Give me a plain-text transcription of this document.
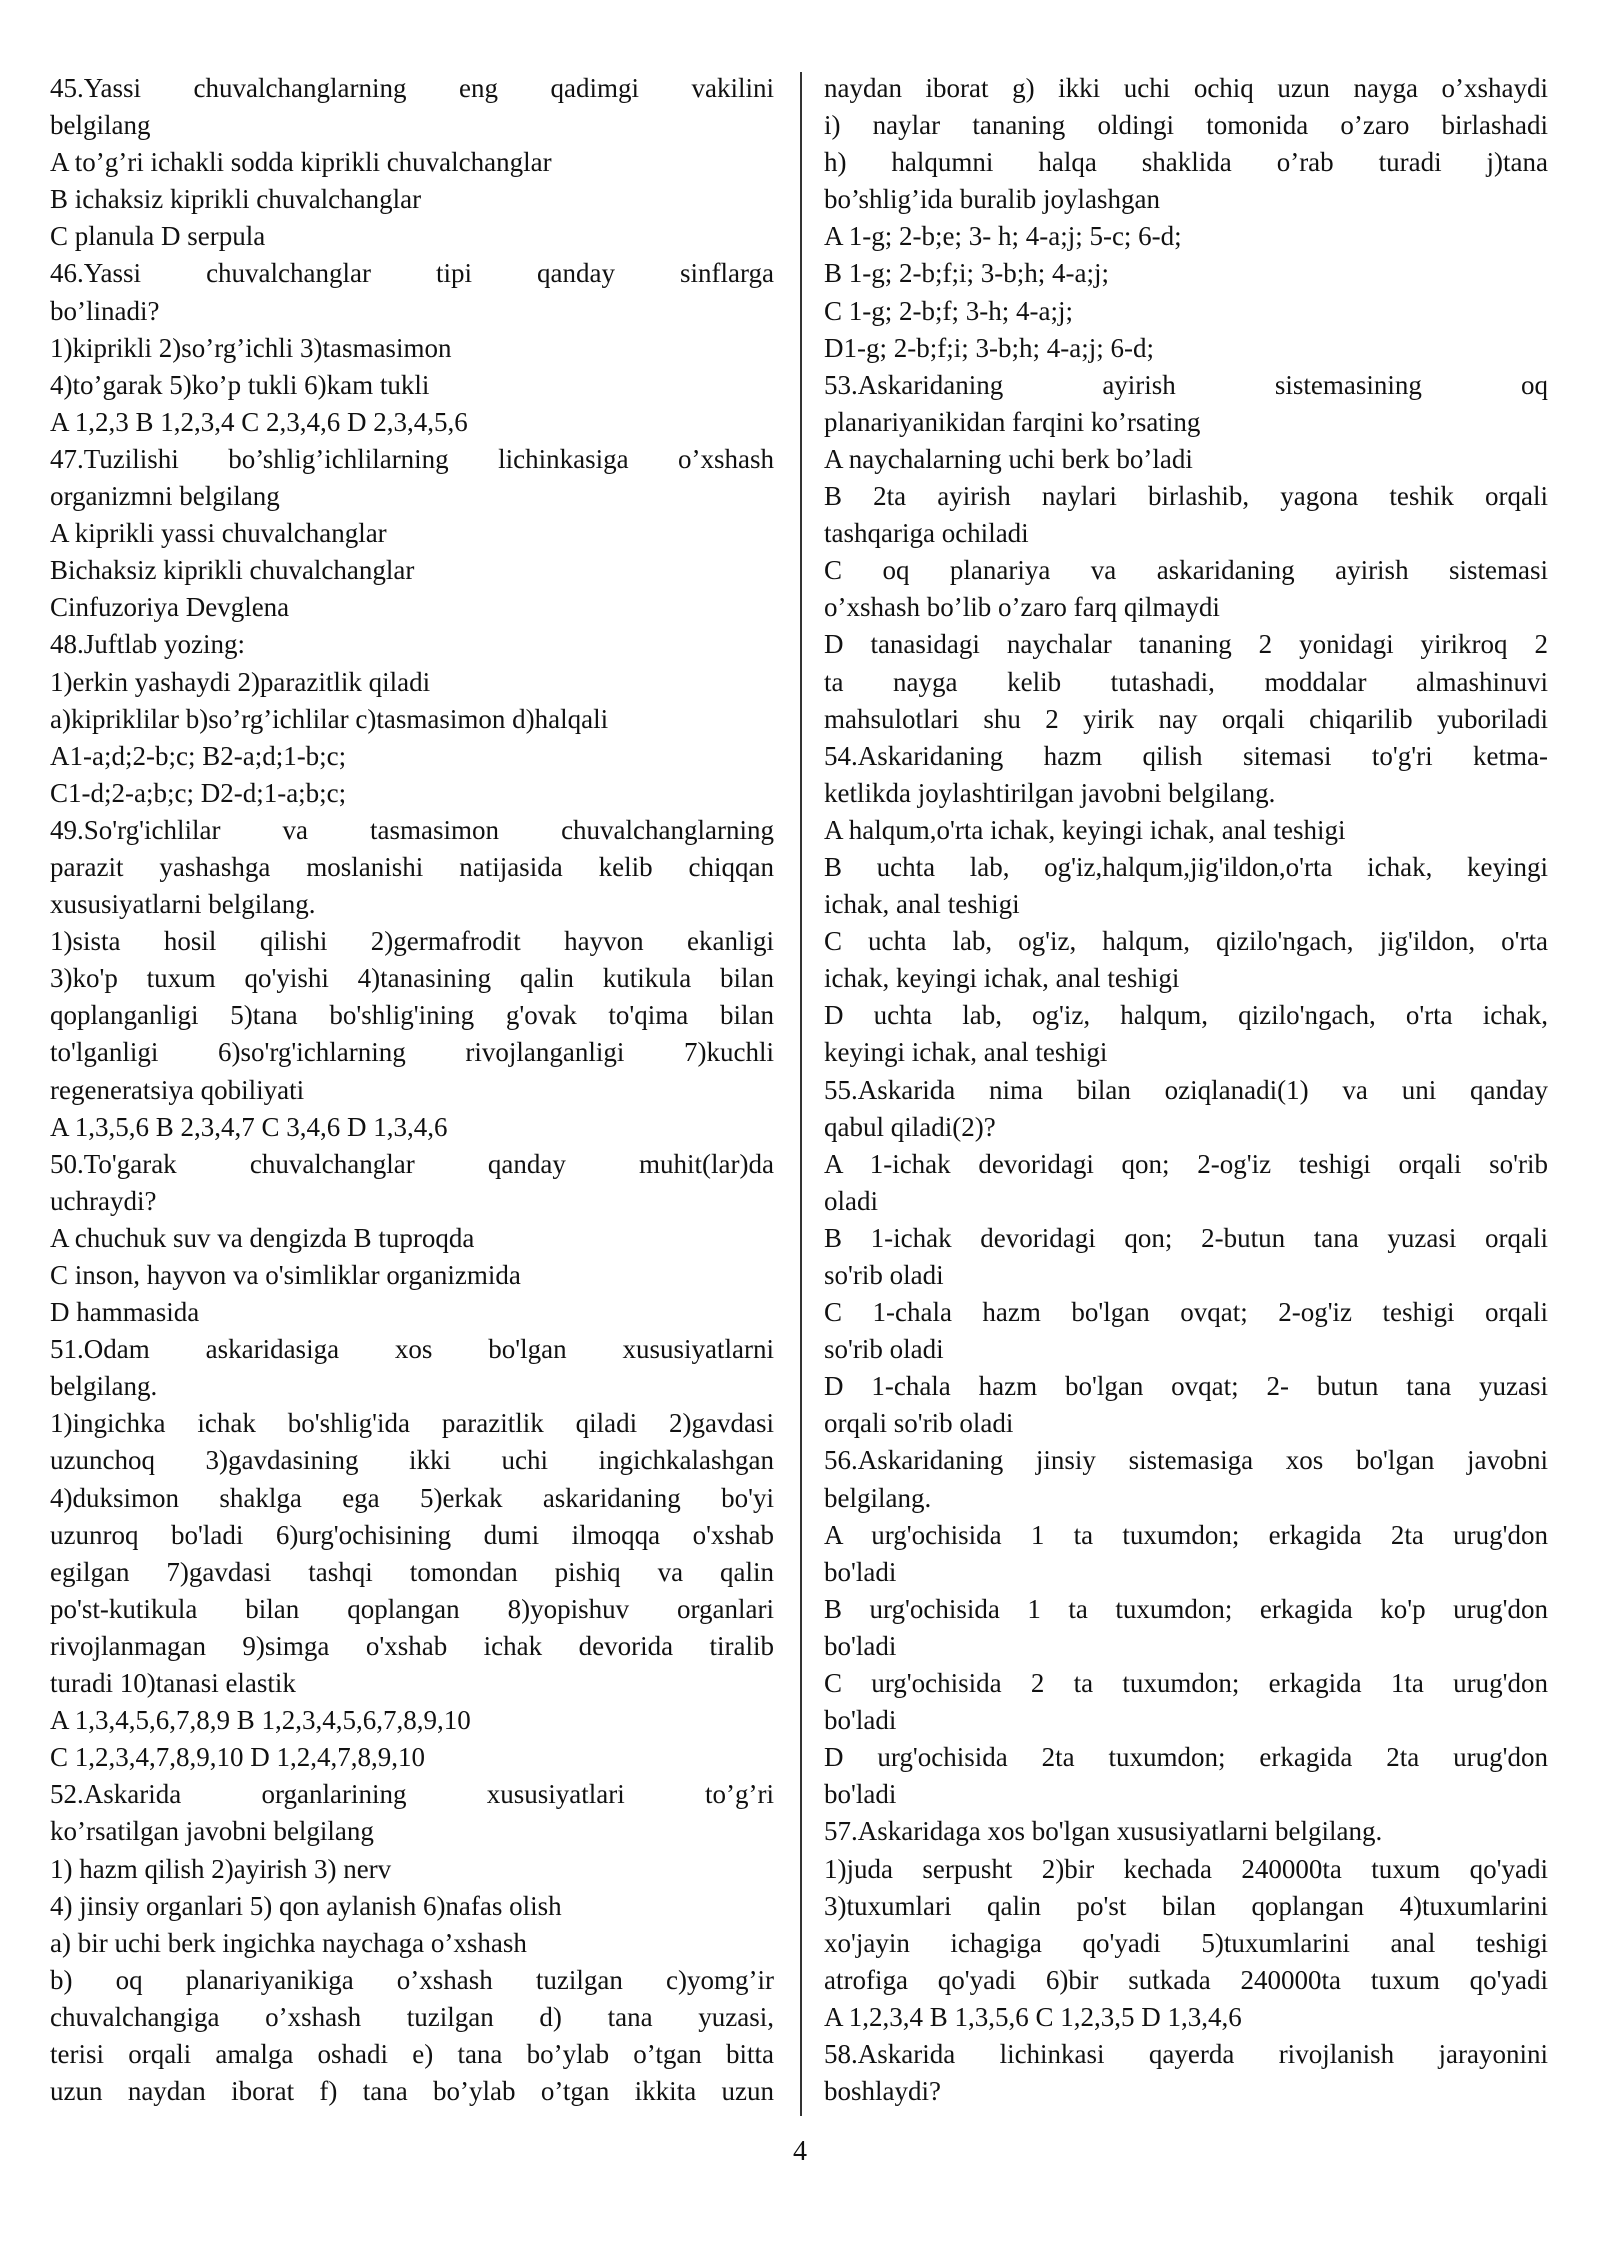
45.Yassi chuvalchanglarning eng qadimgi vakilini
belgilang
A to’g’ri ichakli sodda kiprikli chuvalchanglar
B ichaksiz kiprikli chuvalchanglar
C planula D serpula
46.Yassi chuvalchanglar tipi qanday sinflarga
bo’linadi?
1)kiprikli 2)so’rg’ichli 3)tasmasimon
4)to’garak 5)ko’p tukli 6)kam tukli
A 1,2,3 B 1,2,3,4 C 2,3,4,6 D 2,3,4,5,6
47.Tuzilishi bo’shlig’ichlilarning lichinkasiga o’xshash
organizmni belgilang
A kiprikli yassi chuvalchanglar
Bichaksiz kiprikli chuvalchanglar
Cinfuzoriya Devglena
48.Juftlab yozing:
1)erkin yashaydi 2)parazitlik qiladi
a)kipriklilar b)so’rg’ichlilar c)tasmasimon d)halqali
A1-a;d;2-b;c; B2-a;d;1-b;c;
C1-d;2-a;b;c; D2-d;1-a;b;c;
49.So'rg'ichlilar va tasmasimon chuvalchanglarning
parazit yashashga moslanishi natijasida kelib chiqqan
xususiyatlarni belgilang.
1)sista hosil qilishi 2)germafrodit hayvon ekanligi
3)ko'p tuxum qo'yishi 4)tanasining qalin kutikula bilan
qoplanganligi 5)tana bo'shlig'ining g'ovak to'qima bilan
to'lganligi 6)so'rg'ichlarning rivojlanganligi 7)kuchli
regeneratsiya qobiliyati
A 1,3,5,6 B 2,3,4,7 C 3,4,6 D 1,3,4,6
50.To'garak chuvalchanglar qanday muhit(lar)da
uchraydi?
A chuchuk suv va dengizda B tuproqda
C inson, hayvon va o'simliklar organizmida
D hammasida
51.Odam askaridasiga xos bo'lgan xususiyatlarni
belgilang.
1)ingichka ichak bo'shlig'ida parazitlik qiladi 2)gavdasi
uzunchoq 3)gavdasining ikki uchi ingichkalashgan
4)duksimon shaklga ega 5)erkak askaridaning bo'yi
uzunroq bo'ladi 6)urg'ochisining dumi ilmoqqa o'xshab
egilgan 7)gavdasi tashqi tomondan pishiq va qalin
po'st-kutikula bilan qoplangan 8)yopishuv organlari
rivojlanmagan 9)simga o'xshab ichak devorida tiralib
turadi 10)tanasi elastik
A 1,3,4,5,6,7,8,9 B 1,2,3,4,5,6,7,8,9,10
C 1,2,3,4,7,8,9,10 D 1,2,4,7,8,9,10
52.Askarida organlarining xususiyatlari to’g’ri
ko’rsatilgan javobni belgilang
1) hazm qilish 2)ayirish 3) nerv
4) jinsiy organlari 5) qon aylanish 6)nafas olish
a) bir uchi berk ingichka naychaga o’xshash
b) oq planariyanikiga o’xshash tuzilgan c)yomg’ir
chuvalchangiga o’xshash tuzilgan d) tana yuzasi,
terisi orqali amalga oshadi e) tana bo’ylab o’tgan bitta
uzun naydan iborat f) tana bo’ylab o’tgan ikkita uzun
naydan iborat g) ikki uchi ochiq uzun nayga o’xshaydi
i) naylar tananing oldingi tomonida o’zaro birlashadi
h) halqumni halqa shaklida o’rab turadi j)tana
bo’shlig’ida buralib joylashgan
A 1-g; 2-b;e; 3- h; 4-a;j; 5-c; 6-d;
B 1-g; 2-b;f;i; 3-b;h; 4-a;j;
C 1-g; 2-b;f; 3-h; 4-a;j;
D1-g; 2-b;f;i; 3-b;h; 4-a;j; 6-d;
53.Askaridaning ayirish sistemasining oq
planariyanikidan farqini ko’rsating
A naychalarning uchi berk bo’ladi
B 2ta ayirish naylari birlashib, yagona teshik orqali
tashqariga ochiladi
C oq planariya va askaridaning ayirish sistemasi
o’xshash bo’lib o’zaro farq qilmaydi
D tanasidagi naychalar tananing 2 yonidagi yirikroq 2
ta nayga kelib tutashadi, moddalar almashinuvi
mahsulotlari shu 2 yirik nay orqali chiqarilib yuboriladi
54.Askaridaning hazm qilish sitemasi to'g'ri ketma-
ketlikda joylashtirilgan javobni belgilang.
A halqum,o'rta ichak, keyingi ichak, anal teshigi
B uchta lab, og'iz,halqum,jig'ildon,o'rta ichak, keyingi
ichak, anal teshigi
C uchta lab, og'iz, halqum, qizilo'ngach, jig'ildon, o'rta
ichak, keyingi ichak, anal teshigi
D uchta lab, og'iz, halqum, qizilo'ngach, o'rta ichak,
keyingi ichak, anal teshigi
55.Askarida nima bilan oziqlanadi(1) va uni qanday
qabul qiladi(2)?
A 1-ichak devoridagi qon; 2-og'iz teshigi orqali so'rib
oladi
B 1-ichak devoridagi qon; 2-butun tana yuzasi orqali
so'rib oladi
C 1-chala hazm bo'lgan ovqat; 2-og'iz teshigi orqali
so'rib oladi
D 1-chala hazm bo'lgan ovqat; 2- butun tana yuzasi
orqali so'rib oladi
56.Askaridaning jinsiy sistemasiga xos bo'lgan javobni
belgilang.
A urg'ochisida 1 ta tuxumdon; erkagida 2ta urug'don
bo'ladi
B urg'ochisida 1 ta tuxumdon; erkagida ko'p urug'don
bo'ladi
C urg'ochisida 2 ta tuxumdon; erkagida 1ta urug'don
bo'ladi
D urg'ochisida 2ta tuxumdon; erkagida 2ta urug'don
bo'ladi
57.Askaridaga xos bo'lgan xususiyatlarni belgilang.
1)juda serpusht 2)bir kechada 240000ta tuxum qo'yadi
3)tuxumlari qalin po'st bilan qoplangan 4)tuxumlarini
xo'jayin ichagiga qo'yadi 5)tuxumlarini anal teshigi
atrofiga qo'yadi 6)bir sutkada 240000ta tuxum qo'yadi
A 1,2,3,4 B 1,3,5,6 C 1,2,3,5 D 1,3,4,6
58.Askarida lichinkasi qayerda rivojlanish jarayonini
boshlaydi?
4
